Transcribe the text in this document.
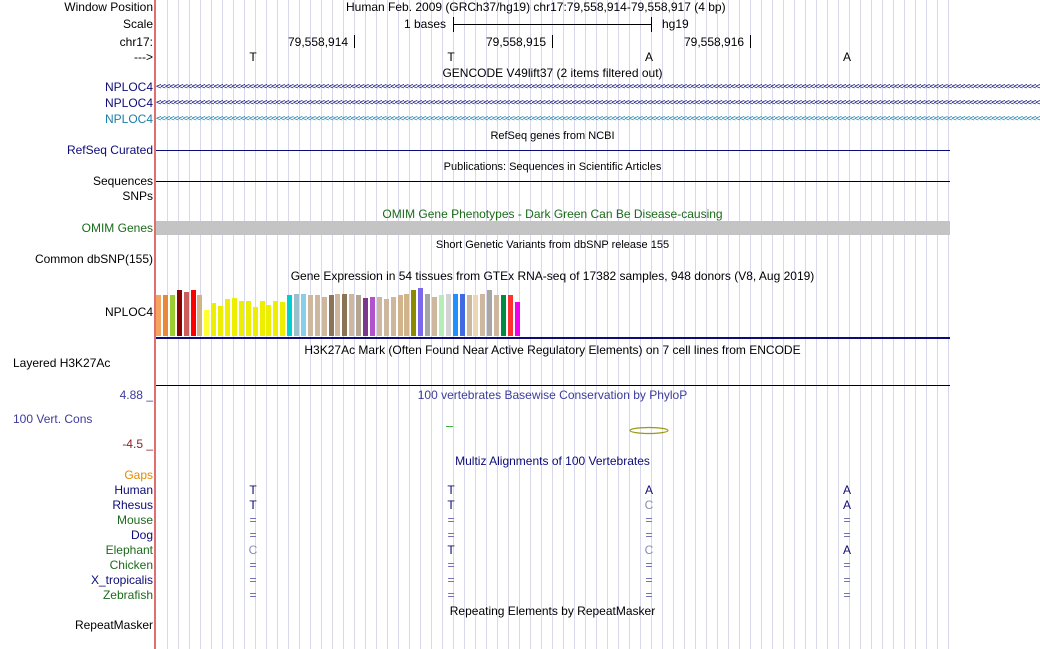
Window Position	Human Feb. 2009 (GRCh37/hg19) chr17:79,558,914-79,558,917 (4 bp)
Scale	1 bases	hg19
chr17:	79,558,914	79,558,915	79,558,916
--->	T	T	A	A
GENCODE V49lift37 (2 items filtered out)
NPLOC4 <<<<<<<<<<<<<<<<<<<<<<<<<<<<<<<<<<<<<<<<<<<<<<<<<<<<<<<<<<<<<<<<<<<<<<<<<<<<<<<<<<<<<<<<<<<<<<<<<<<<<<<<<<<<<<<<<<<<<<<<<<<<<<<<<<<<<<<<<<<<<<<<<<<<<<<<<<<<<<<<<<<<<<<<<<<<<<<<<<<<<<<<<<<<<<<<<<<<<<<<
NPLOC4 <<<<<<<<<<<<<<<<<<<<<<<<<<<<<<<<<<<<<<<<<<<<<<<<<<<<<<<<<<<<<<<<<<<<<<<<<<<<<<<<<<<<<<<<<<<<<<<<<<<<<<<<<<<<<<<<<<<<<<<<<<<<<<<<<<<<<<<<<<<<<<<<<<<<<<<<<<<<<<<<<<<<<<<<<<<<<<<<<<<<<<<<<<<<<<<<<<<<<<<<
NPLOC4 <<<<<<<<<<<<<<<<<<<<<<<<<<<<<<<<<<<<<<<<<<<<<<<<<<<<<<<<<<<<<<<<<<<<<<<<<<<<<<<<<<<<<<<<<<<<<<<<<<<<<<<<<<<<<<<<<<<<<<<<<<<<<<<<<<<<<<<<<<<<<<<<<<<<<<<<<<<<<<<<<<<<<<<<<<<<<<<<<<<<<<<<<<<<<<<<<<<<<<<<
RefSeq genes from NCBI
RefSeq Curated
Publications: Sequences in Scientific Articles
Sequences
SNPs
OMIM Gene Phenotypes - Dark Green Can Be Disease-causing
OMIM Genes
Short Genetic Variants from dbSNP release 155
Common dbSNP(155)
Gene Expression in 54 tissues from GTEx RNA-seq of 17382 samples, 948 donors (V8, Aug 2019)
NPLOC4
H3K27Ac Mark (Often Found Near Active Regulatory Elements) on 7 cell lines from ENCODE
Layered H3K27Ac
100 vertebrates Basewise Conservation by PhyloP
4.88 _
100 Vert. Cons
-4.5 _
Gaps
Multiz Alignments of 100 Vertebrates
Human	T	T	A	A
Rhesus	T	T	C	A
Mouse	=	=	=	=
Dog	=	=	=	=
Elephant	C	T	C	A
Chicken	=	=	=	=
X_tropicalis	=	=	=	=
Zebrafish	=	=	=	=
Repeating Elements by RepeatMasker
RepeatMasker
